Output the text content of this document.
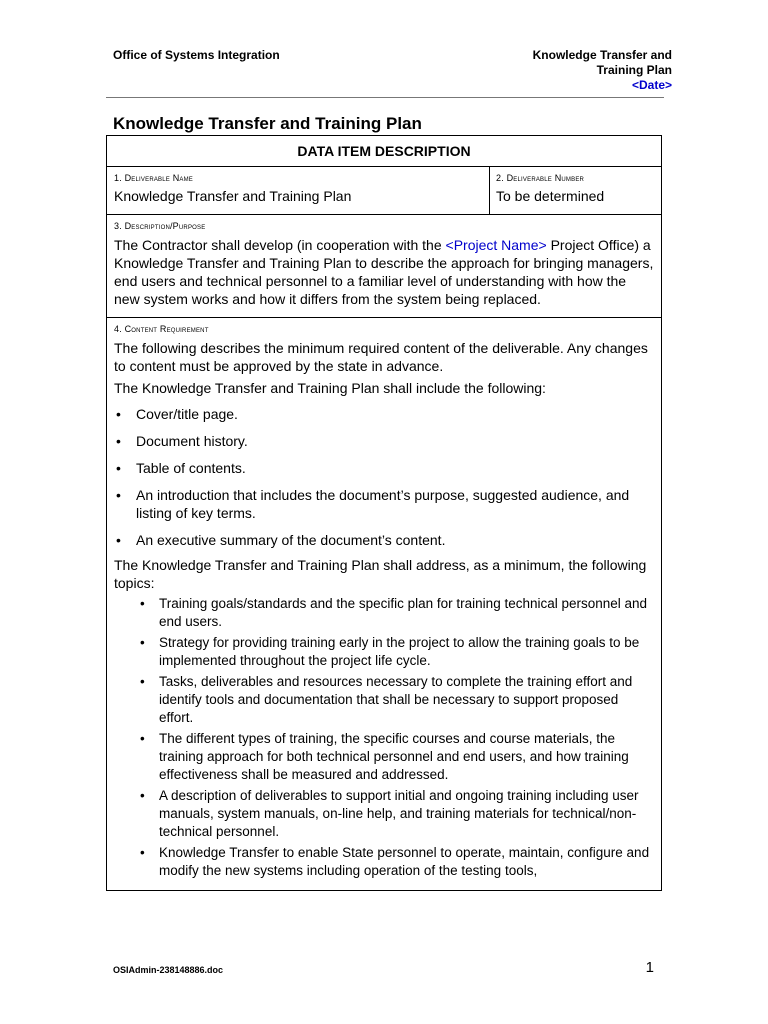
Office of Systems Integration	Knowledge Transfer and
Training Plan
<Date>
Knowledge Transfer and Training Plan
DATA ITEM DESCRIPTION
1. Deliverable Name
Knowledge Transfer and Training Plan
2. Deliverable Number
To be determined
3. Description/Purpose

The Contractor shall develop (in cooperation with the <Project Name> Project Office) a Knowledge Transfer and Training Plan to describe the approach for bringing managers, end users and technical personnel to a familiar level of understanding with how the new system works and how it differs from the system being replaced.

4. Content Requirement

The following describes the minimum required content of the deliverable. Any changes to content must be approved by the state in advance.

The Knowledge Transfer and Training Plan shall include the following:

• Cover/title page.
• Document history.
• Table of contents.
• An introduction that includes the document’s purpose, suggested audience, and listing of key terms.
• An executive summary of the document’s content.

The Knowledge Transfer and Training Plan shall address, as a minimum, the following topics:

• Training goals/standards and the specific plan for training technical personnel and end users.
• Strategy for providing training early in the project to allow the training goals to be implemented throughout the project life cycle.
• Tasks, deliverables and resources necessary to complete the training effort and identify tools and documentation that shall be necessary to support proposed effort.
• The different types of training, the specific courses and course materials, the training approach for both technical personnel and end users, and how training effectiveness shall be measured and addressed.
• A description of deliverables to support initial and ongoing training including user manuals, system manuals, on-line help, and training materials for technical/non-technical personnel.
• Knowledge Transfer to enable State personnel to operate, maintain, configure and modify the new systems including operation of the testing tools,
OSIAdmin-238148886.doc	1
